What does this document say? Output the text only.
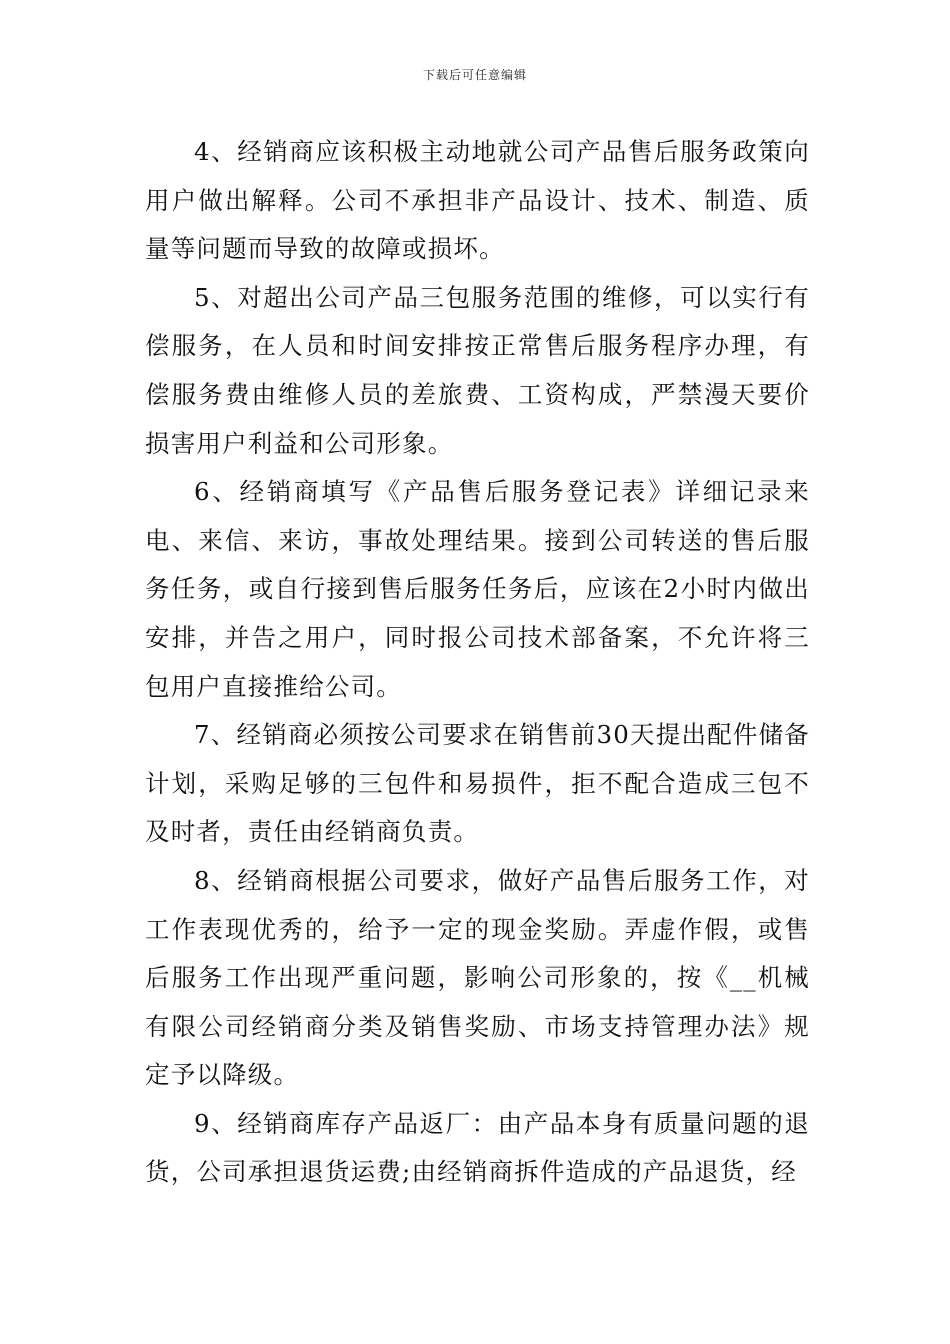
下载后可任意编辑

4、经销商应该积极主动地就公司产品售后服务政策向用户做出解释。公司不承担非产品设计、技术、制造、质量等问题而导致的故障或损坏。

5、对超出公司产品三包服务范围的维修，可以实行有偿服务，在人员和时间安排按正常售后服务程序办理，有偿服务费由维修人员的差旅费、工资构成，严禁漫天要价损害用户利益和公司形象。

6、经销商填写《产品售后服务登记表》详细记录来电、来信、来访，事故处理结果。接到公司转送的售后服务任务，或自行接到售后服务任务后，应该在2小时内做出安排，并告之用户，同时报公司技术部备案，不允许将三包用户直接推给公司。

7、经销商必须按公司要求在销售前30天提出配件储备计划，采购足够的三包件和易损件，拒不配合造成三包不及时者，责任由经销商负责。

8、经销商根据公司要求，做好产品售后服务工作，对工作表现优秀的，给予一定的现金奖励。弄虚作假，或售后服务工作出现严重问题，影响公司形象的，按《__机械有限公司经销商分类及销售奖励、市场支持管理办法》规定予以降级。

9、经销商库存产品返厂：由产品本身有质量问题的退货，公司承担退货运费;由经销商拆件造成的产品退货，经
